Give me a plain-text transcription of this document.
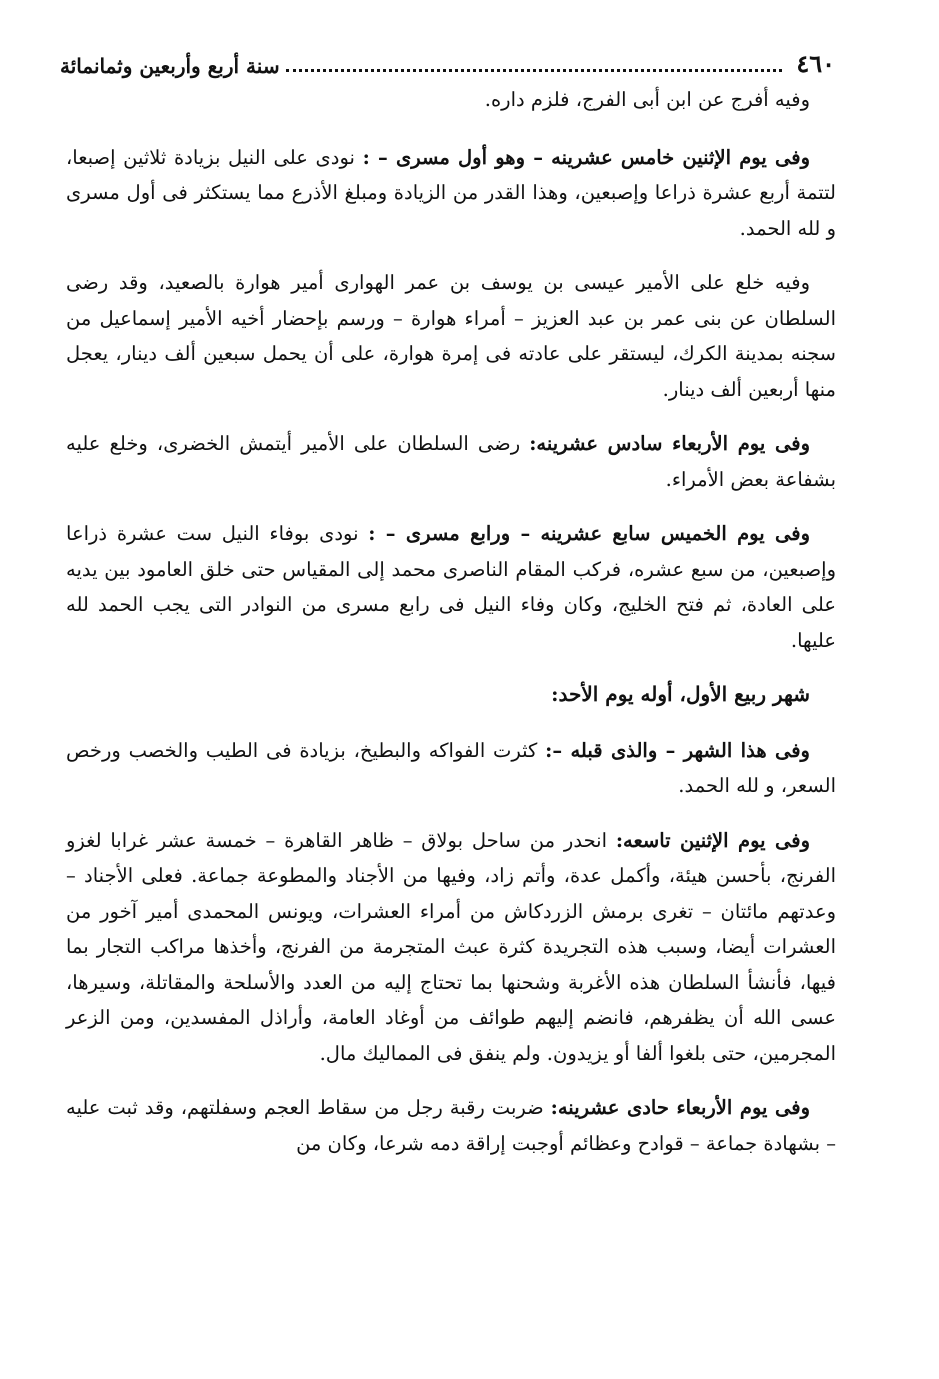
٤٦٠
سنة أربع وأربعين وثمانمائة

وفيه أفرج عن ابن أبى الفرج، فلزم داره.

وفى يوم الإثنين خامس عشرينه – وهو أول مسرى – : نودى على النيل بزيادة ثلاثين إصبعا، لتتمة أربع عشرة ذراعا وإصبعين، وهذا القدر من الزيادة ومبلغ الأذرع مما يستكثر فى أول مسرى و لله الحمد.

وفيه خلع على الأمير عيسى بن يوسف بن عمر الهوارى أمير هوارة بالصعيد، وقد رضى السلطان عن بنى عمر بن عبد العزيز – أمراء هوارة – ورسم بإحضار أخيه الأمير إسماعيل من سجنه بمدينة الكرك، ليستقر على عادته فى إمرة هوارة، على أن يحمل سبعين ألف دينار، يعجل منها أربعين ألف دينار.

وفى يوم الأربعاء سادس عشرينه: رضى السلطان على الأمير أيتمش الخضرى، وخلع عليه بشفاعة بعض الأمراء.

وفى يوم الخميس سابع عشرينه – ورابع مسرى – : نودى بوفاء النيل ست عشرة ذراعا وإصبعين، من سبع عشره، فركب المقام الناصرى محمد إلى المقياس حتى خلق العامود بين يديه على العادة، ثم فتح الخليج، وكان وفاء النيل فى رابع مسرى من النوادر التى يجب الحمد لله عليها.

شهر ربيع الأول، أوله يوم الأحد:

وفى هذا الشهر – والذى قبله –: كثرت الفواكه والبطيخ، بزيادة فى الطيب والخصب ورخص السعر، و لله الحمد.

وفى يوم الإثنين تاسعه: انحدر من ساحل بولاق – ظاهر القاهرة – خمسة عشر غرابا لغزو الفرنج، بأحسن هيئة، وأكمل عدة، وأتم زاد، وفيها من الأجناد والمطوعة جماعة. فعلى الأجناد – وعدتهم مائتان – تغرى برمش الزردكاش من أمراء العشرات، ويونس المحمدى أمير آخور من العشرات أيضا، وسبب هذه التجريدة كثرة عبث المتجرمة من الفرنج، وأخذها مراكب التجار بما فيها، فأنشأ السلطان هذه الأغربة وشحنها بما تحتاج إليه من العدد والأسلحة والمقاتلة، وسيرها، عسى الله أن يظفرهم، فانضم إليهم طوائف من أوغاد العامة، وأراذل المفسدين، ومن الزعر المجرمين، حتى بلغوا ألفا أو يزيدون. ولم ينفق فى المماليك مال.

وفى يوم الأربعاء حادى عشرينه: ضربت رقبة رجل من سقاط العجم وسفلتهم، وقد ثبت عليه – بشهادة جماعة – قوادح وعظائم أوجبت إراقة دمه شرعا، وكان من
